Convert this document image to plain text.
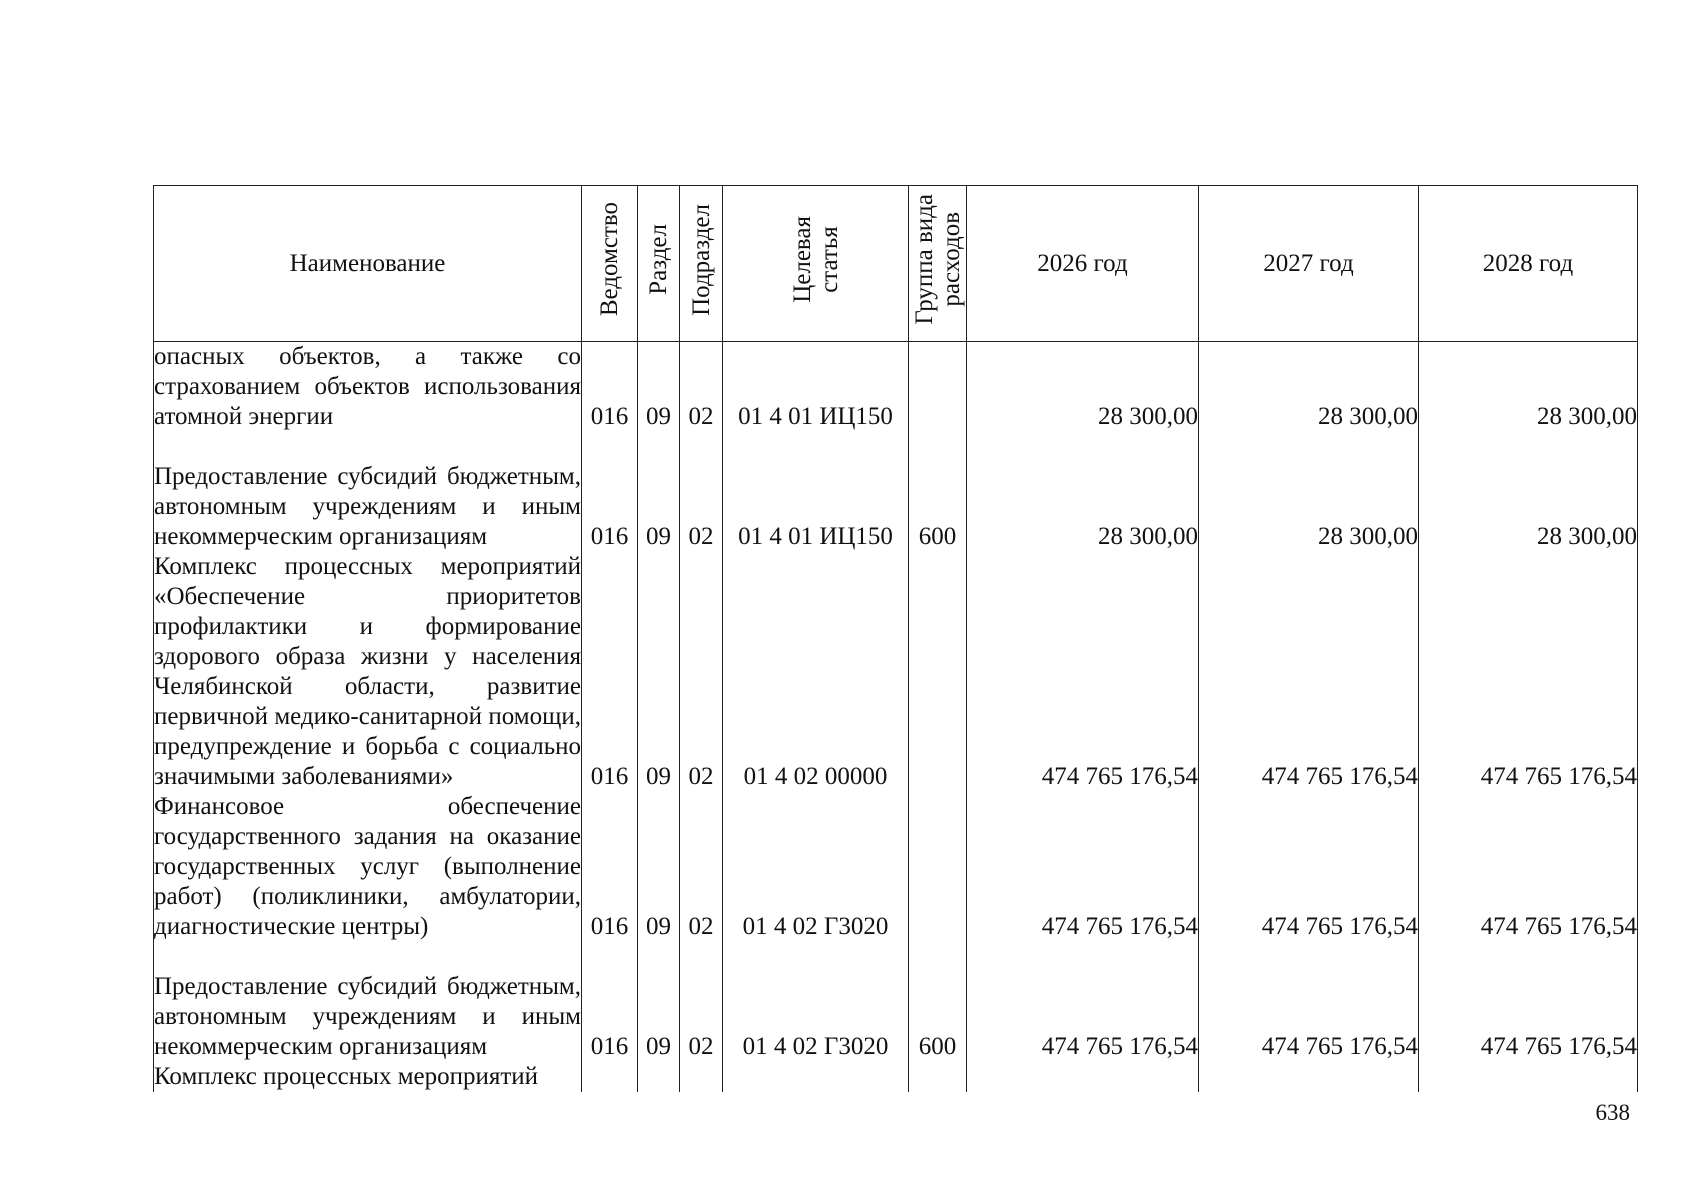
Наименование	Ведомство	Раздел	Подраздел	Целевая статья	Группа вида расходов	2026 год	2027 год	2028 год
опасных объектов, а также со страхованием объектов использования атомной энергии	016	09	02	01 4 01 ИЦ150		28 300,00	28 300,00	28 300,00
Предоставление субсидий бюджетным, автономным учреждениям и иным некоммерческим организациям	016	09	02	01 4 01 ИЦ150	600	28 300,00	28 300,00	28 300,00
Комплекс процессных мероприятий «Обеспечение приоритетов профилактики и формирование здорового образа жизни у населения Челябинской области, развитие первичной медико-санитарной помощи, предупреждение и борьба с социально значимыми заболеваниями»	016	09	02	01 4 02 00000		474 765 176,54	474 765 176,54	474 765 176,54
Финансовое обеспечение государственного задания на оказание государственных услуг (выполнение работ) (поликлиники, амбулатории, диагностические центры)	016	09	02	01 4 02 Г3020		474 765 176,54	474 765 176,54	474 765 176,54
Предоставление субсидий бюджетным, автономным учреждениям и иным некоммерческим организациям	016	09	02	01 4 02 Г3020	600	474 765 176,54	474 765 176,54	474 765 176,54
Комплекс процессных мероприятий								
638
